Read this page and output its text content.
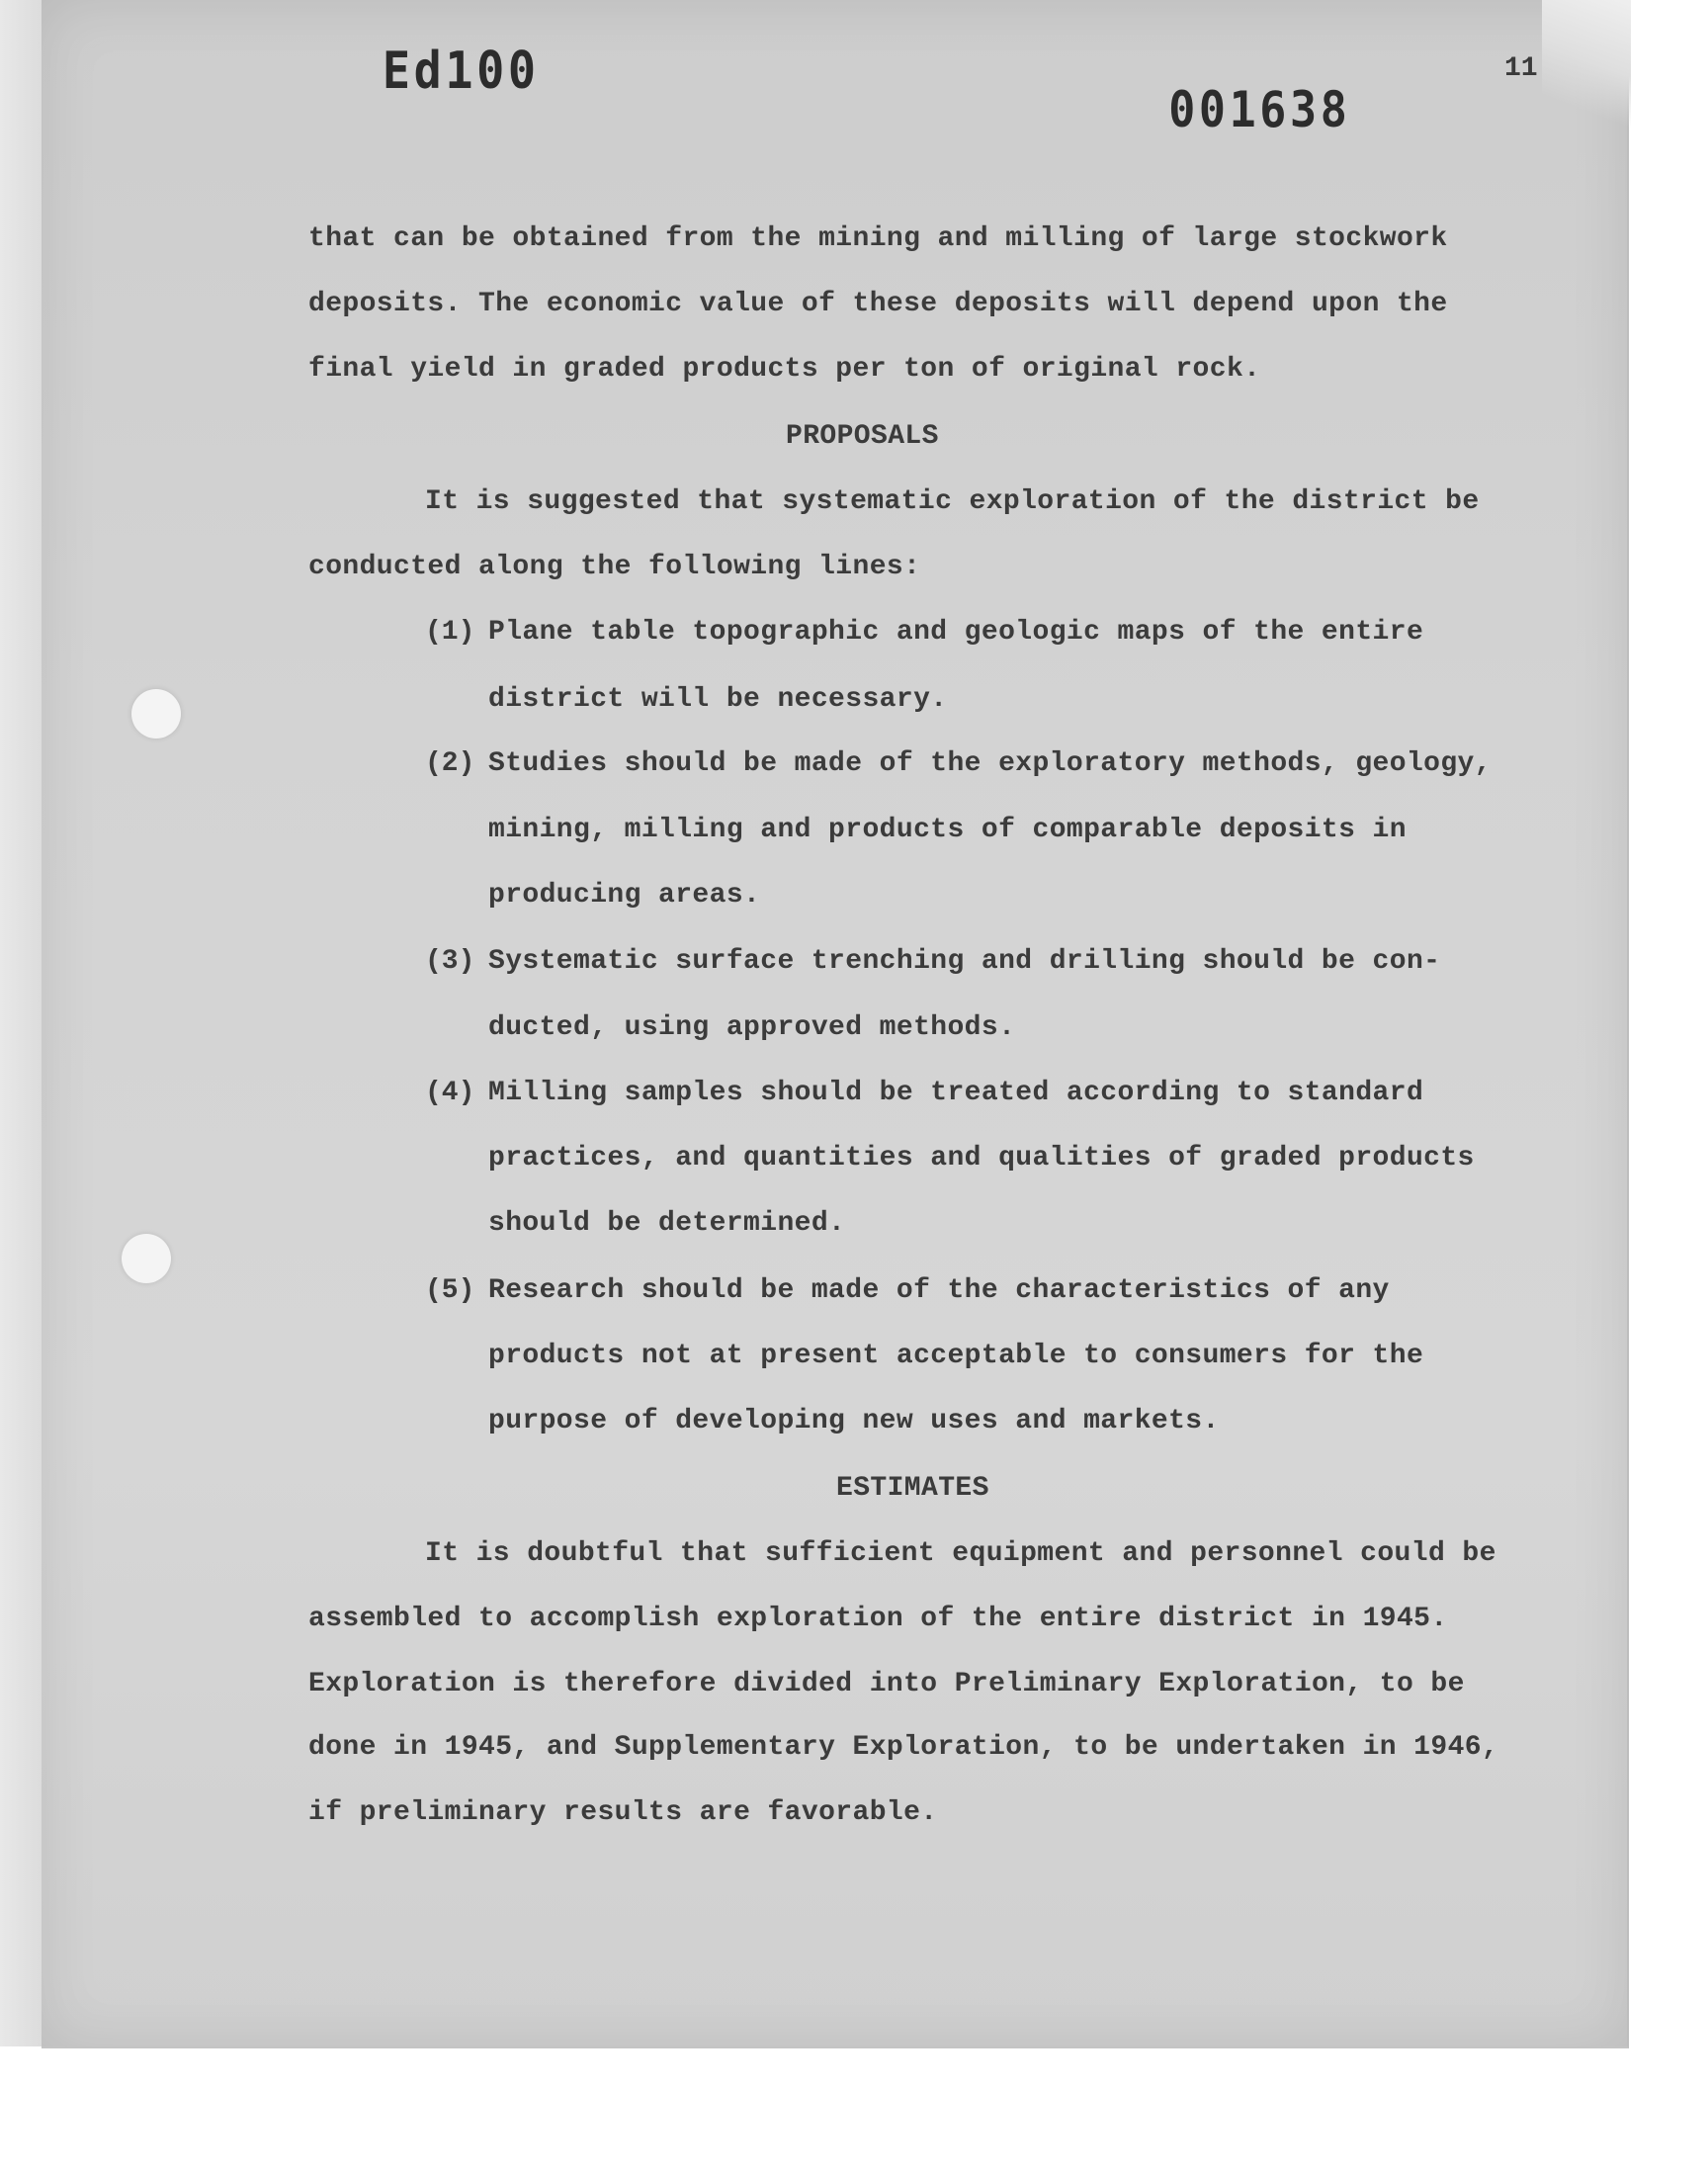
Ed100
001638
11
that can be obtained from the mining and milling of large stockwork
deposits. The economic value of these deposits will depend upon the
final yield in graded products per ton of original rock.
PROPOSALS
It is suggested that systematic exploration of the district be
conducted along the following lines:
(1) Plane table topographic and geologic maps of the entire
district will be necessary.
(2) Studies should be made of the exploratory methods, geology,
mining, milling and products of comparable deposits in
producing areas.
(3) Systematic surface trenching and drilling should be con-
ducted, using approved methods.
(4) Milling samples should be treated according to standard
practices, and quantities and qualities of graded products
should be determined.
(5) Research should be made of the characteristics of any
products not at present acceptable to consumers for the
purpose of developing new uses and markets.
ESTIMATES
It is doubtful that sufficient equipment and personnel could be
assembled to accomplish exploration of the entire district in 1945.
Exploration is therefore divided into Preliminary Exploration, to be
done in 1945, and Supplementary Exploration, to be undertaken in 1946,
if preliminary results are favorable.
